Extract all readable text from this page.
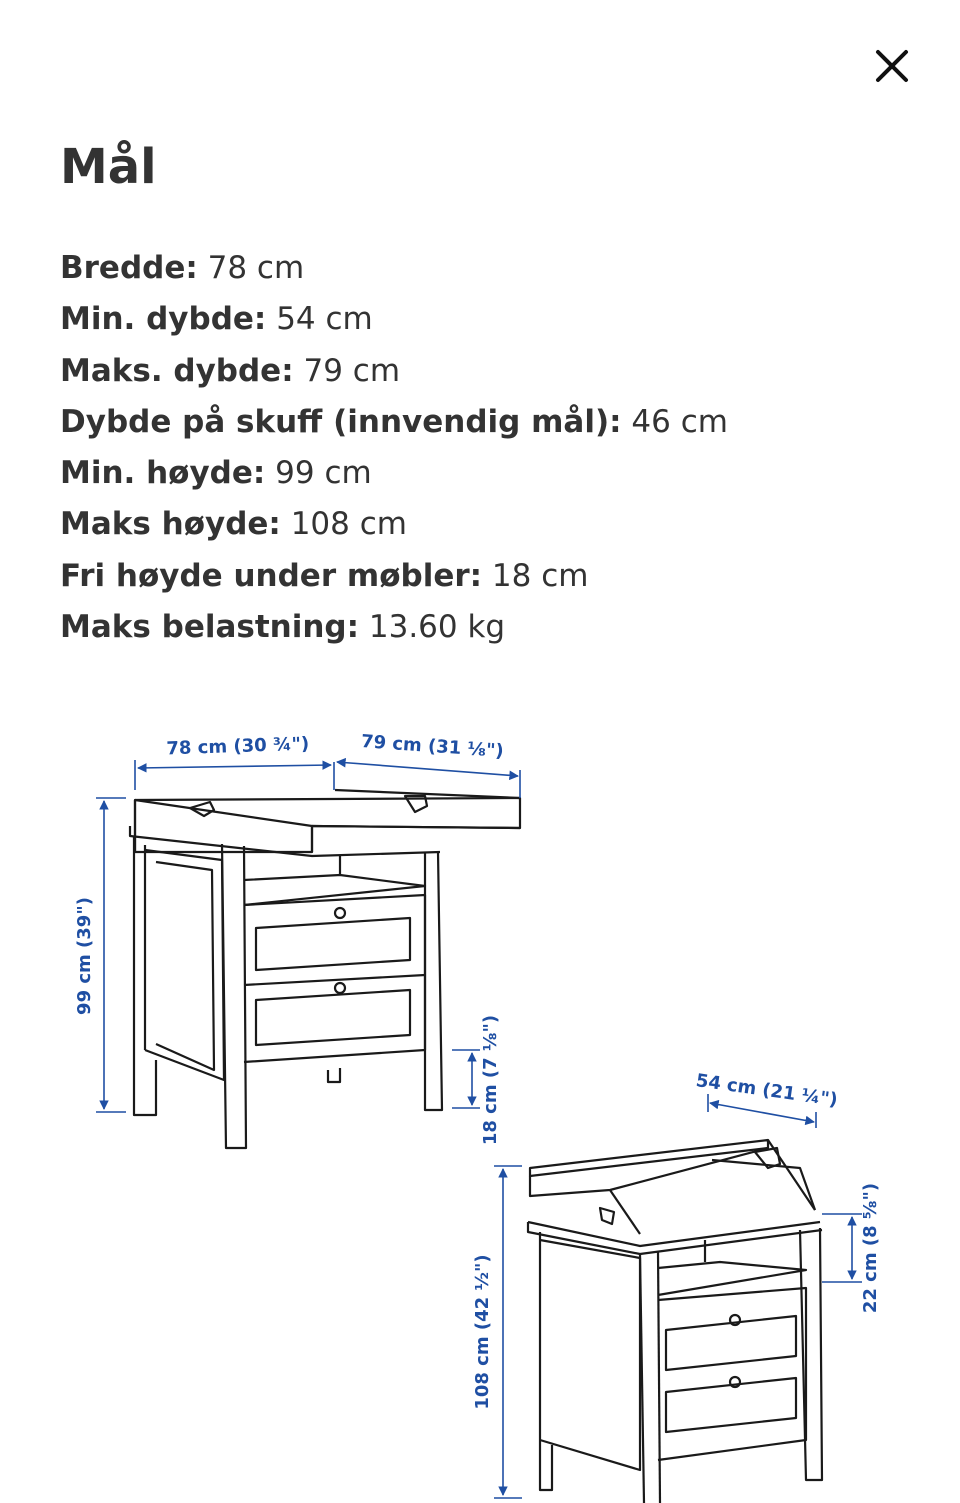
Mål
Bredde: 78 cm
Min. dybde: 54 cm
Maks. dybde: 79 cm
Dybde på skuff (innvendig mål): 46 cm
Min. høyde: 99 cm
Maks høyde: 108 cm
Fri høyde under møbler: 18 cm
Maks belastning: 13.60 kg
78 cm (30 ¾")	79 cm (31 ⅛")
99 cm (39")
18 cm (7 ⅛")	54 cm (21 ¼")
22 cm (8 ⅝")
108 cm (42 ½")
